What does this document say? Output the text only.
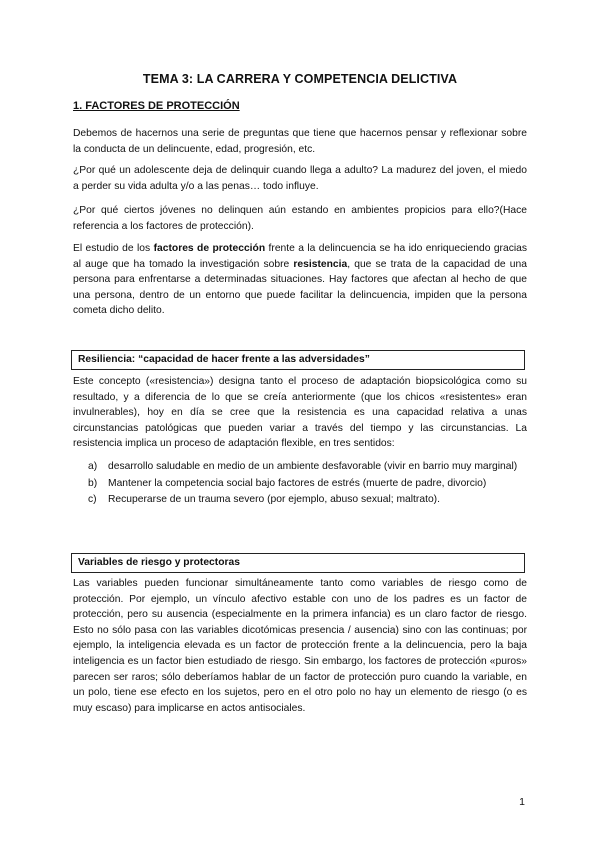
TEMA 3: LA CARRERA Y COMPETENCIA DELICTIVA
1. FACTORES DE PROTECCIÓN

Debemos de hacernos una serie de preguntas que tiene que hacernos pensar y reflexionar sobre la conducta de un delincuente, edad, progresión, etc.

¿Por qué un adolescente deja de delinquir cuando llega a adulto? La madurez del joven, el miedo a perder su vida adulta y/o a las penas… todo influye.

¿Por qué ciertos jóvenes no delinquen aún estando en ambientes propicios para ello?(Hace referencia a los factores de protección).

El estudio de los factores de protección frente a la delincuencia se ha ido enriqueciendo gracias al auge que ha tomado la investigación sobre resistencia, que se trata de la capacidad de una persona para enfrentarse a determinadas situaciones. Hay factores que afectan al hecho de que una persona, dentro de un entorno que puede facilitar la delincuencia, impiden que la persona cometa dicho delito.

Resiliencia: “capacidad de hacer frente a las adversidades”

Este concepto («resistencia») designa tanto el proceso de adaptación biopsicológica como su resultado, y a diferencia de lo que se creía anteriormente (que los chicos «resistentes» eran invulnerables), hoy en día se cree que la resistencia es una capacidad relativa a unas circunstancias patológicas que pueden variar a través del tiempo y las circunstancias. La resistencia implica un proceso de adaptación flexible, en tres sentidos:

a) desarrollo saludable en medio de un ambiente desfavorable (vivir en barrio muy marginal)
b) Mantener la competencia social bajo factores de estrés (muerte de padre, divorcio)
c) Recuperarse de un trauma severo (por ejemplo, abuso sexual; maltrato).
Variables de riesgo y protectoras

Las variables pueden funcionar simultáneamente tanto como variables de riesgo como de protección. Por ejemplo, un vínculo afectivo estable con uno de los padres es un factor de protección, pero su ausencia (especialmente en la primera infancia) es un claro factor de riesgo. Esto no sólo pasa con las variables dicotómicas presencia / ausencia) sino con las continuas; por ejemplo, la inteligencia elevada es un factor de protección frente a la delincuencia, pero la baja inteligencia es un factor bien estudiado de riesgo. Sin embargo, los factores de protección «puros» parecen ser raros; sólo deberíamos hablar de un factor de protección puro cuando la variable, en un polo, tiene ese efecto en los sujetos, pero en el otro polo no hay un elemento de riesgo (o es muy escaso) para implicarse en actos antisociales.

1
